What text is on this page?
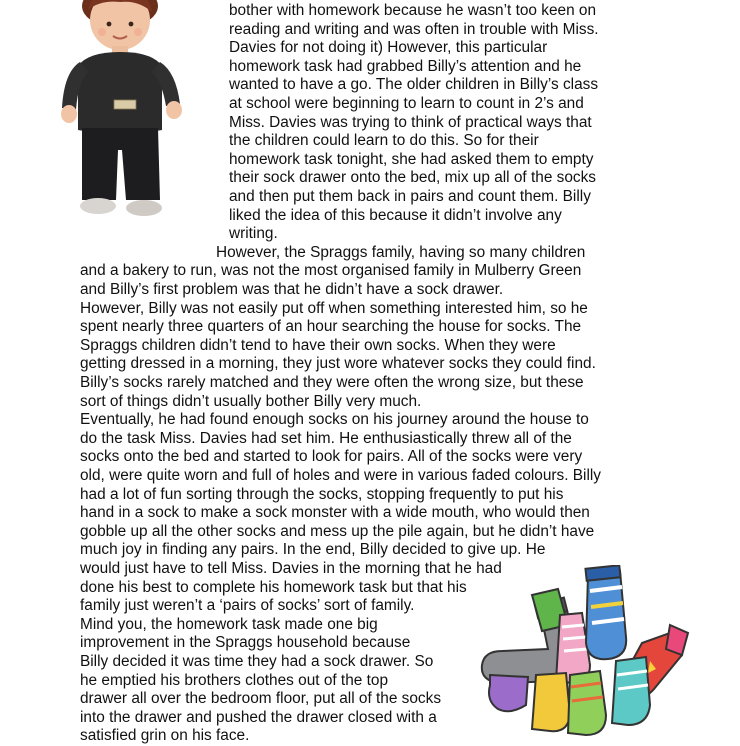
bother with homework because he wasn’t too keen on
reading and writing and was often in trouble with Miss.
Davies for not doing it) However, this particular
homework task had grabbed Billy’s attention and he
wanted to have a go. The older children in Billy’s class
at school were beginning to learn to count in 2’s and
Miss. Davies was trying to think of practical ways that
the children could learn to do this. So for their
homework task tonight, she had asked them to empty
their sock drawer onto the bed, mix up all of the socks
and then put them back in pairs and count them. Billy
liked the idea of this because it didn’t involve any
writing.
However, the Spraggs family, having so many children
and a bakery to run, was not the most organised family in Mulberry Green
and Billy’s first problem was that he didn’t have a sock drawer.
However, Billy was not easily put off when something interested him, so he
spent nearly three quarters of an hour searching the house for socks. The
Spraggs children didn’t tend to have their own socks. When they were
getting dressed in a morning, they just wore whatever socks they could find.
Billy’s socks rarely matched and they were often the wrong size, but these
sort of things didn’t usually bother Billy very much.
Eventually, he had found enough socks on his journey around the house to
do the task Miss. Davies had set him. He enthusiastically threw all of the
socks onto the bed and started to look for pairs. All of the socks were very
old, were quite worn and full of holes and were in various faded colours. Billy
had a lot of fun sorting through the socks, stopping frequently to put his
hand in a sock to make a sock monster with a wide mouth, who would then
gobble up all the other socks and mess up the pile again, but he didn’t have
much joy in finding any pairs. In the end, Billy decided to give up. He
would just have to tell Miss. Davies in the morning that he had
done his best to complete his homework task but that his
family just weren’t a ‘pairs of socks’ sort of family.
Mind you, the homework task made one big
improvement in the Spraggs household because
Billy decided it was time they had a sock drawer. So
he emptied his brothers clothes out of the top
drawer all over the bedroom floor, put all of the socks
into the drawer and pushed the drawer closed with a
satisfied grin on his face.
